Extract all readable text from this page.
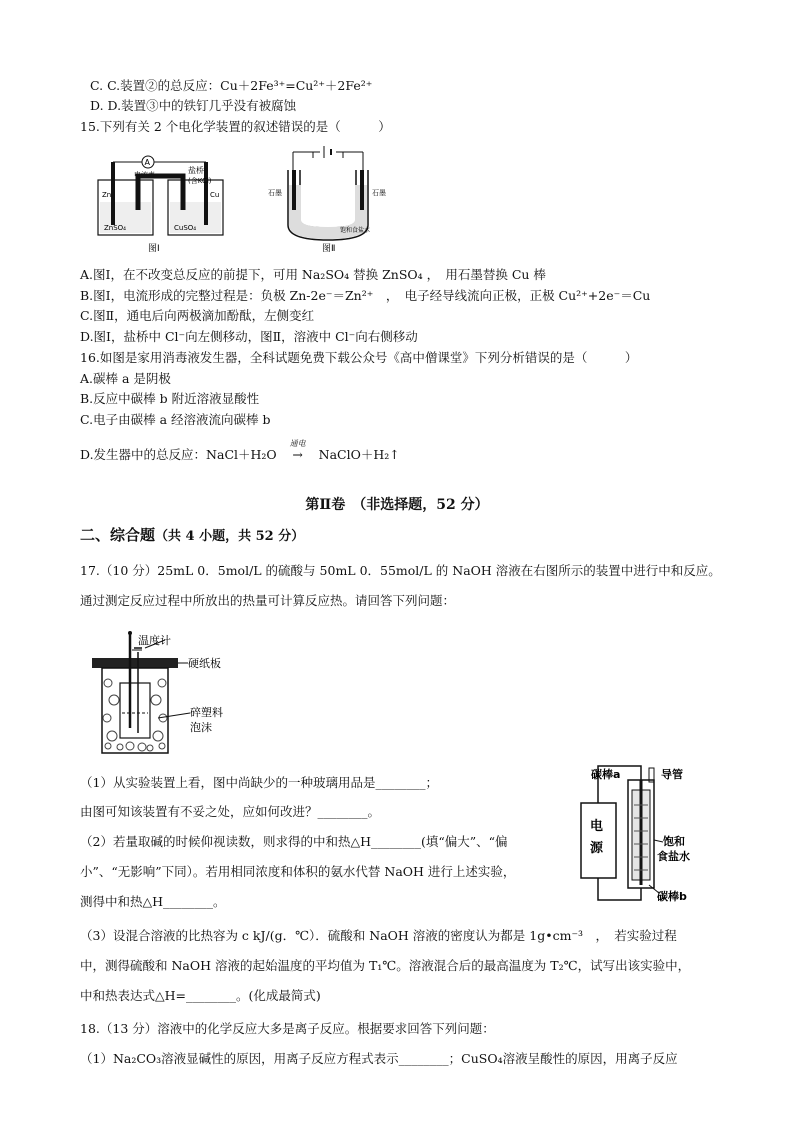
C. C.装置②的总反应：Cu＋2Fe³⁺=Cu²⁺＋2Fe²⁺
D. D.装置③中的铁钉几乎没有被腐蚀
15.下列有关 2 个电化学装置的叙述错误的是（　　　）
A
电流表	盐桥
(含KCl)
ZnSO₄	CuSO₄
Zn	Cu
图Ⅰ
石墨	石墨
饱和食盐水
图Ⅱ
A.图Ⅰ，在不改变总反应的前提下，可用 Na₂SO₄ 替换 ZnSO₄ ，　用石墨替换 Cu 棒
B.图Ⅰ，电流形成的完整过程是：负极 Zn-2e⁻＝Zn²⁺　，　电子经导线流向正极，正极 Cu²⁺+2e⁻＝Cu
C.图Ⅱ，通电后向两极滴加酚酞，左侧变红
D.图Ⅰ，盐桥中 Cl⁻向左侧移动，图Ⅱ，溶液中 Cl⁻向右侧移动
16.如图是家用消毒液发生器，全科试题免费下载公众号《高中僧课堂》下列分析错误的是（　　　）
A.碳棒 a 是阴极
B.反应中碳棒 b 附近溶液显酸性
C.电子由碳棒 a 经溶液流向碳棒 b
D.发生器中的总反应：NaCl＋H₂O
通电
→ NaClO＋H₂↑
第Ⅱ卷　（非选择题，52 分）
二、综合题（共 4 小题，共 52 分）
17.（10 分）25mL 0．5mol/L 的硫酸与 50mL 0．55mol/L 的 NaOH 溶液在右图所示的装置中进行中和反应。
通过测定反应过程中所放出的热量可计算反应热。请回答下列问题：
温度计
硬纸板
碎塑料
泡沫
（1）从实验装置上看，图中尚缺少的一种玻璃用品是________；
由图可知该装置有不妥之处，应如何改进？________。
（2）若量取碱的时候仰视读数，则求得的中和热△H________(填“偏大”、“偏
小”、“无影响”下同）。若用相同浓度和体积的氨水代替 NaOH 进行上述实验，
测得中和热△H________。
电
源
碳棒a	导管
饱和
食盐水
碳棒b
（3）设混合溶液的比热容为 c kJ/(g．℃）．硫酸和 NaOH 溶液的密度认为都是 1g•cm⁻³　，　若实验过程
中，测得硫酸和 NaOH 溶液的起始温度的平均值为 T₁℃。溶液混合后的最高温度为 T₂℃，试写出该实验中，
中和热表达式△H=________。(化成最简式)
18.（13 分）溶液中的化学反应大多是离子反应。根据要求回答下列问题：
（1）Na₂CO₃溶液显碱性的原因，用离子反应方程式表示________；CuSO₄溶液呈酸性的原因，用离子反应
